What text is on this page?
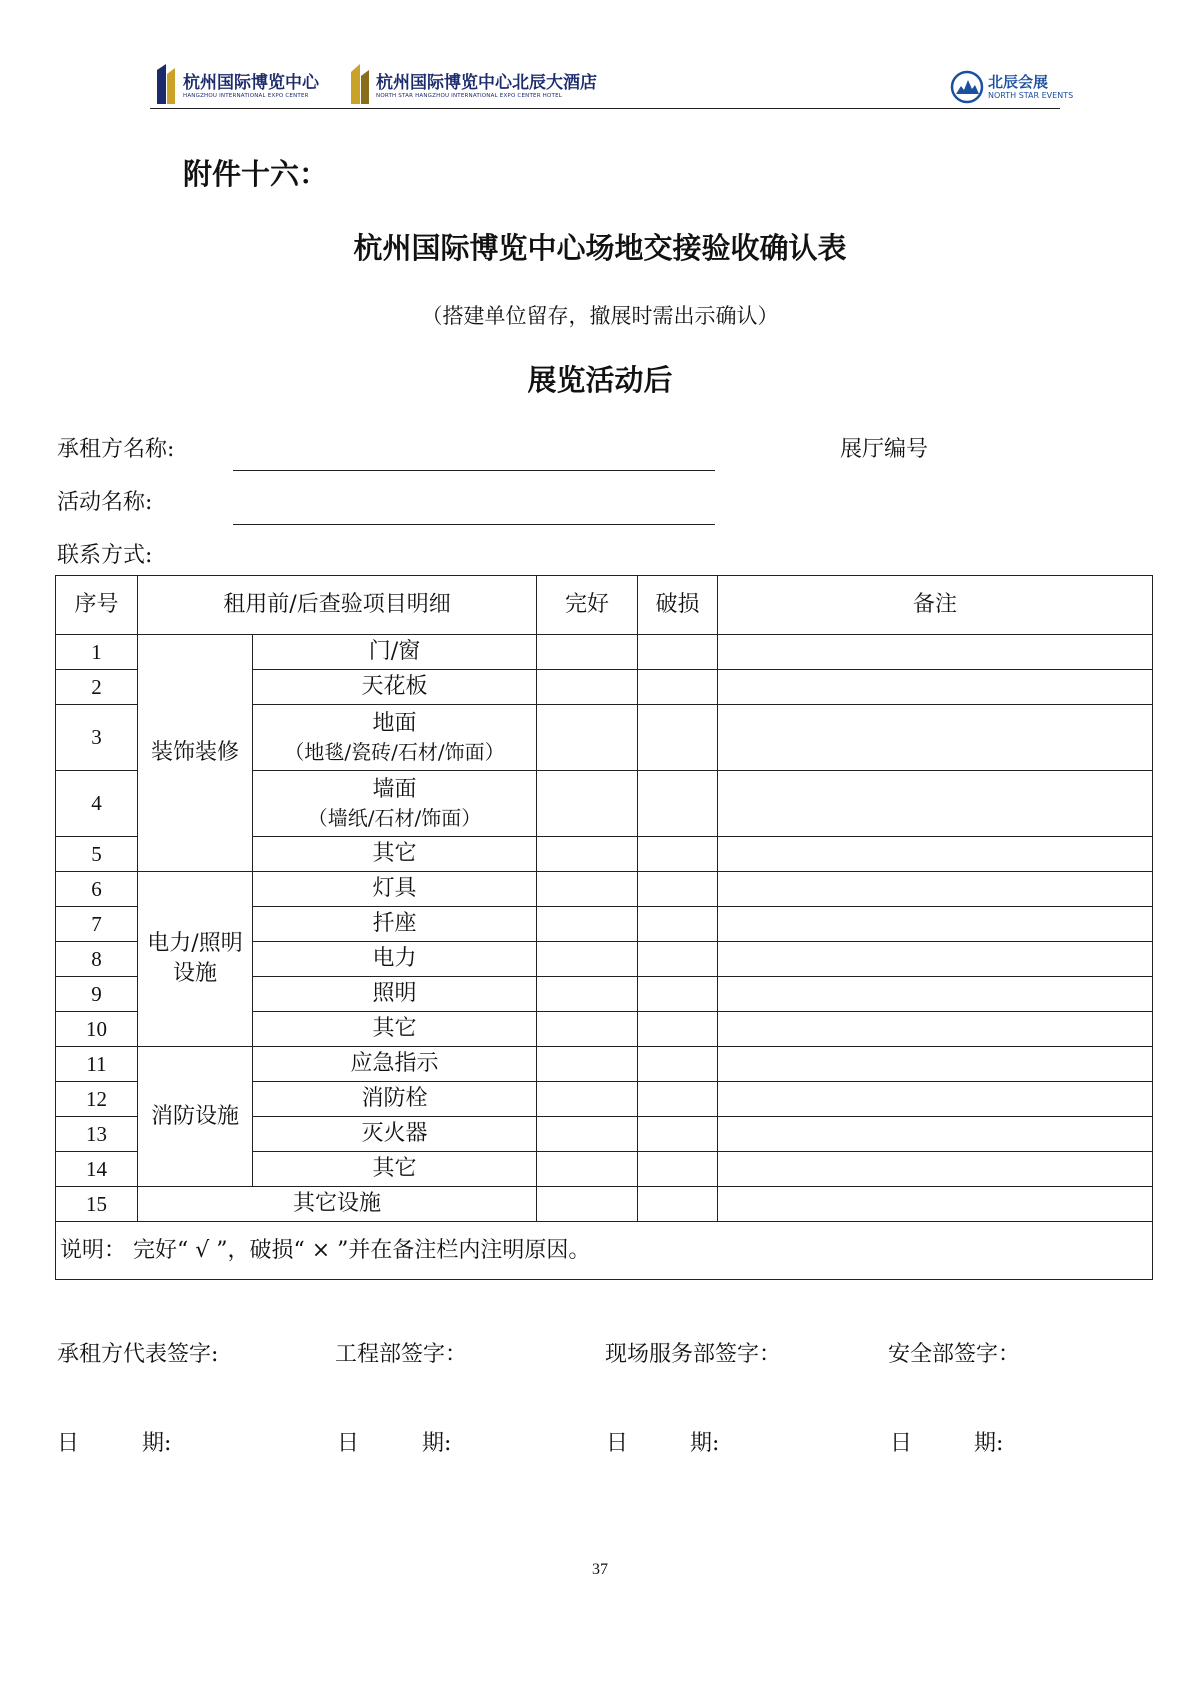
杭州国际博览中心
HANGZHOU INTERNATIONAL EXPO CENTER
杭州国际博览中心北辰大酒店
NORTH STAR HANGZHOU INTERNATIONAL EXPO CENTER HOTEL
北辰会展
NORTH STAR EVENTS
附件十六：
杭州国际博览中心场地交接验收确认表
（搭建单位留存，撤展时需出示确认）
展览活动后
承租方名称:	展厅编号
活动名称:
联系方式:
序号	租用前/后查验项目明细		完好	破损	备注
1	装饰装修	门/窗			
2		天花板			
3		地面
（地毯/瓷砖/石材/饰面）			

4		墙面
（墙纸/石材/饰面）			

5		其它			
6	电力/照明
设施	灯具			
7		扦座			
8		电力			
9		照明			
10		其它			
11	消防设施	应急指示			
12		消防栓			
13		灭火器			
14		其它			
15	其它设施				
说明： 完好“ √ ”，破损“ × ”并在备注栏内注明原因。					
承租方代表签字:	工程部签字：	现场服务部签字：	安全部签字：
日	期:	日	期:	日	期:	日	期:
37
